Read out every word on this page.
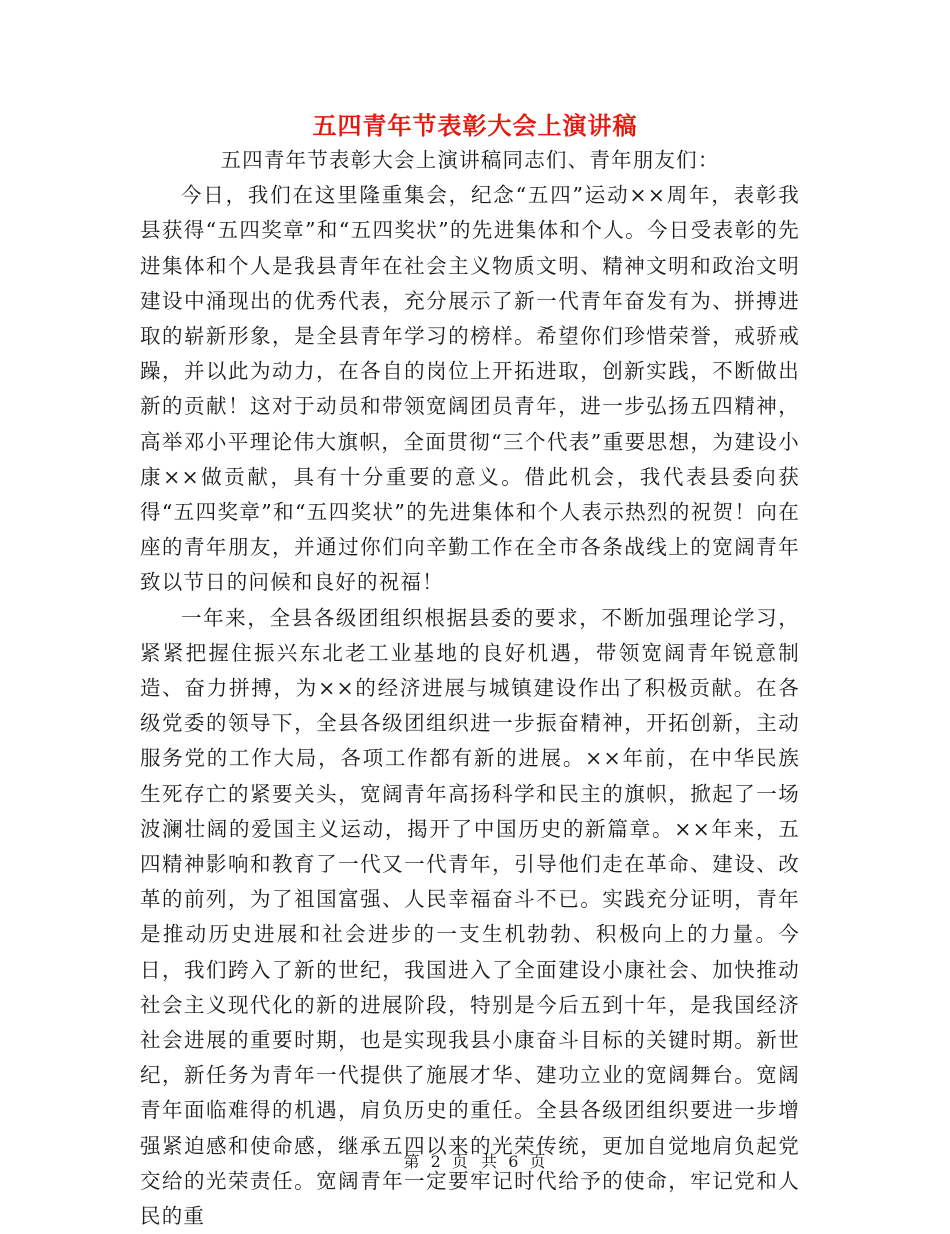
五四青年节表彰大会上演讲稿

五四青年节表彰大会上演讲稿同志们、青年朋友们：

今日，我们在这里隆重集会，纪念“五四”运动××周年，表彰我县获得“五四奖章”和“五四奖状”的先进集体和个人。今日受表彰的先进集体和个人是我县青年在社会主义物质文明、精神文明和政治文明建设中涌现出的优秀代表，充分展示了新一代青年奋发有为、拼搏进取的崭新形象，是全县青年学习的榜样。希望你们珍惜荣誉，戒骄戒躁，并以此为动力，在各自的岗位上开拓进取，创新实践，不断做出新的贡献！这对于动员和带领宽阔团员青年，进一步弘扬五四精神，高举邓小平理论伟大旗帜，全面贯彻“三个代表”重要思想，为建设小康××做贡献，具有十分重要的意义。借此机会，我代表县委向获得“五四奖章”和“五四奖状”的先进集体和个人表示热烈的祝贺！向在座的青年朋友，并通过你们向辛勤工作在全市各条战线上的宽阔青年致以节日的问候和良好的祝福！

一年来，全县各级团组织根据县委的要求，不断加强理论学习，紧紧把握住振兴东北老工业基地的良好机遇，带领宽阔青年锐意制造、奋力拼搏，为××的经济进展与城镇建设作出了积极贡献。在各级党委的领导下，全县各级团组织进一步振奋精神，开拓创新，主动服务党的工作大局，各项工作都有新的进展。××年前，在中华民族生死存亡的紧要关头，宽阔青年高扬科学和民主的旗帜，掀起了一场波澜壮阔的爱国主义运动，揭开了中国历史的新篇章。××年来，五四精神影响和教育了一代又一代青年，引导他们走在革命、建设、改革的前列，为了祖国富强、人民幸福奋斗不已。实践充分证明，青年是推动历史进展和社会进步的一支生机勃勃、积极向上的力量。今日，我们跨入了新的世纪，我国进入了全面建设小康社会、加快推动社会主义现代化的新的进展阶段，特别是今后五到十年，是我国经济社会进展的重要时期，也是实现我县小康奋斗目标的关键时期。新世纪，新任务为青年一代提供了施展才华、建功立业的宽阔舞台。宽阔青年面临难得的机遇，肩负历史的重任。全县各级团组织要进一步增强紧迫感和使命感，继承五四以来的光荣传统，更加自觉地肩负起党交给的光荣责任。宽阔青年一定要牢记时代给予的使命，牢记党和人民的重

第 2 页  共 6 页
